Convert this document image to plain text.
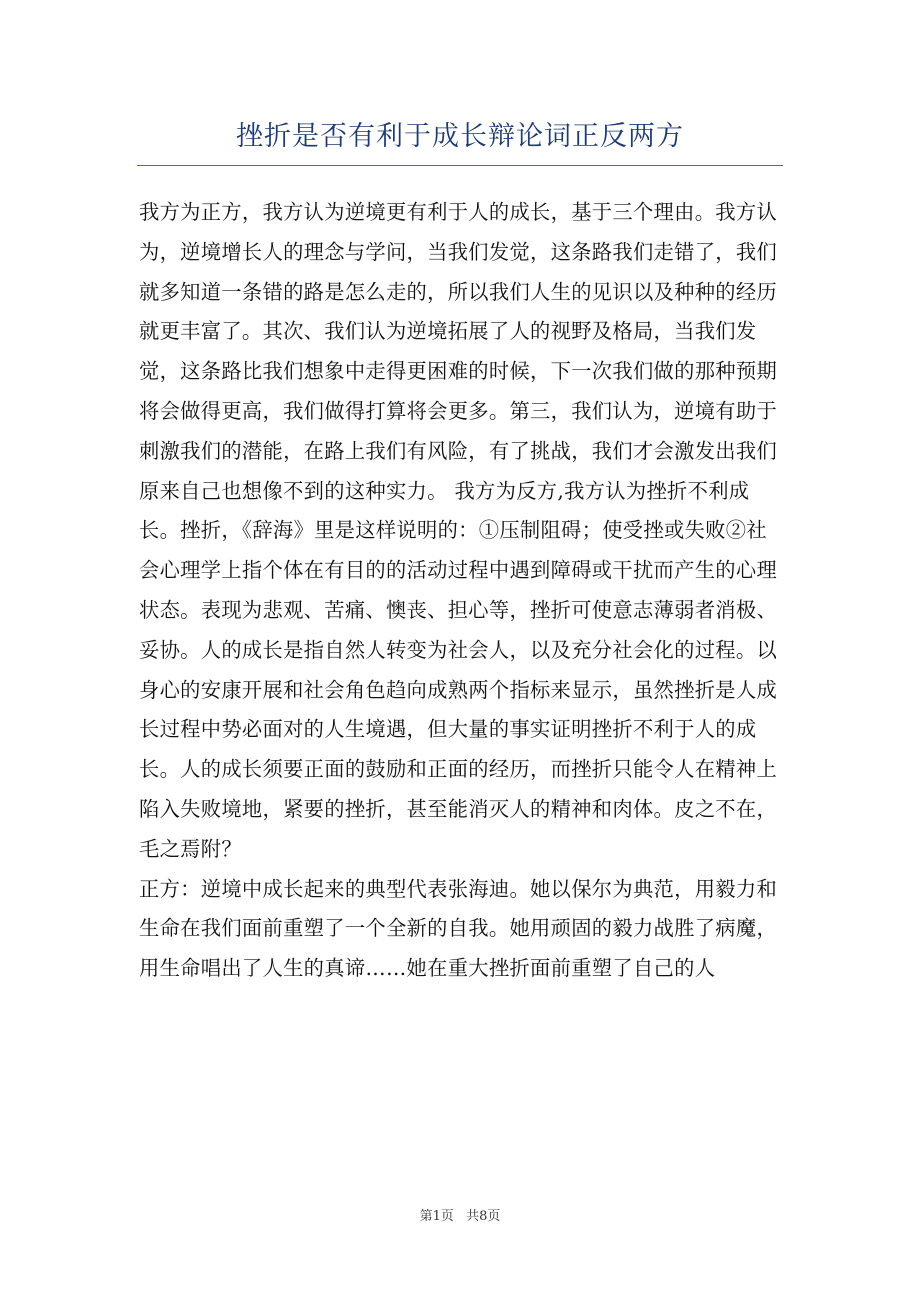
挫折是否有利于成长辩论词正反两方

我方为正方，我方认为逆境更有利于人的成长，基于三个理由。我方认为，逆境增长人的理念与学问，当我们发觉，这条路我们走错了，我们就多知道一条错的路是怎么走的，所以我们人生的见识以及种种的经历就更丰富了。其次、我们认为逆境拓展了人的视野及格局，当我们发觉，这条路比我们想象中走得更困难的时候，下一次我们做的那种预期将会做得更高，我们做得打算将会更多。第三，我们认为，逆境有助于刺激我们的潜能，在路上我们有风险，有了挑战，我们才会激发出我们原来自己也想像不到的这种实力。 我方为反方,我方认为挫折不利成长。挫折，《辞海》里是这样说明的：①压制阻碍；使受挫或失败②社会心理学上指个体在有目的的活动过程中遇到障碍或干扰而产生的心理状态。表现为悲观、苦痛、懊丧、担心等，挫折可使意志薄弱者消极、妥协。人的成长是指自然人转变为社会人，以及充分社会化的过程。以身心的安康开展和社会角色趋向成熟两个指标来显示，虽然挫折是人成长过程中势必面对的人生境遇，但大量的事实证明挫折不利于人的成长。人的成长须要正面的鼓励和正面的经历，而挫折只能令人在精神上陷入失败境地，紧要的挫折，甚至能消灭人的精神和肉体。皮之不在，毛之焉附？

正方：逆境中成长起来的典型代表张海迪。她以保尔为典范，用毅力和生命在我们面前重塑了一个全新的自我。她用顽固的毅力战胜了病魔，用生命唱出了人生的真谛……她在重大挫折面前重塑了自己的人

第1页 共8页
